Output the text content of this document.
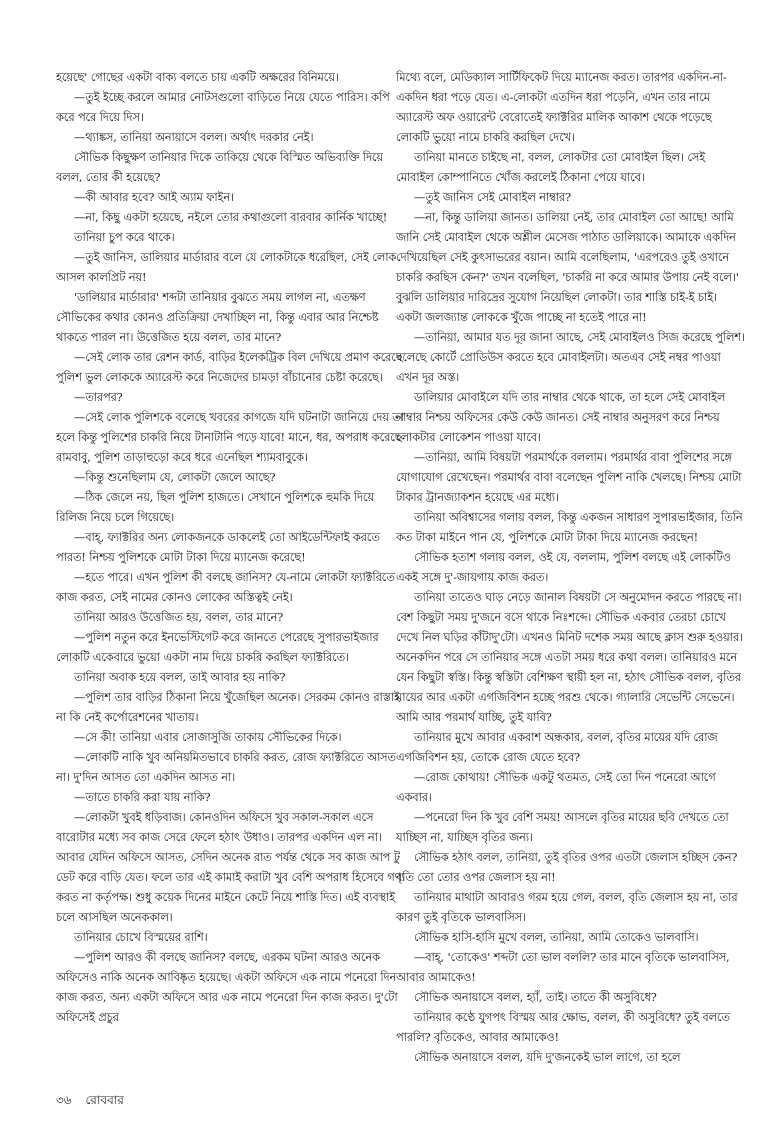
হয়েছে' গোছের একটা বাক্য বলতে চায় একটি অক্ষরের বিনিময়ে।

—তুই ইচ্ছে করলে আমার নোটসগুলো বাড়িতে নিয়ে যেতে পারিস। কপি করে পরে দিয়ে দিস।

—থ্যাঙ্কস, তানিয়া অনায়াসে বলল। অর্থাৎ দরকার নেই।

সৌভিক কিছুক্ষণ তানিয়ার দিকে তাকিয়ে থেকে বিস্মিত অভিব্যক্তি দিয়ে বলল, তোর কী হয়েছে?

—কী আবার হবে? আই অ্যাম ফাইন।

—না, কিছু একটা হয়েছে, নইলে তোর কথাগুলো বারবার কার্নিক খাচ্ছে!

তানিয়া চুপ করে থাকে।

—তুই জানিস, ডালিয়ার মার্ডারার বলে যে লোকটাকে ধরেছিল, সেই লোক আসল কালপ্রিট নয়!

'ডালিয়ার মার্ডারার' শব্দটা তানিয়ার বুঝতে সময় লাগল না, এতক্ষণ সৌভিকের কথার কোনও প্রতিক্রিয়া দেখাচ্ছিল না, কিন্তু এবার আর নিশ্চেষ্ট থাকতে পারল না। উত্তেজিত হয়ে বলল, তার মানে?

—সেই লোক তার রেশন কার্ড, বাড়ির ইলেকট্রিক বিল দেখিয়ে প্রমাণ করেছে পুলিশ ভুল লোককে অ্যারেস্ট করে নিজেদের চামড়া বাঁচানোর চেষ্টা করেছে।

—তারপর?

—সেই লোক পুলিশকে বলেছে খবরের কাগজে যদি ঘটনাটা জানিয়ে দেয় তা হলে কিন্তু পুলিশের চাকরি নিয়ে টানাটানি পড়ে যাবে! মানে, ধর, অপরাধ করেছে রামবাবু, পুলিশ তাড়াহুড়ো করে ধরে এনেছিল শ্যামবাবুকে।

—কিন্তু শুনেছিলাম যে, লোকটা জেলে আছে?

—ঠিক জেলে নয়, ছিল পুলিশ হাজতে। সেখানে পুলিশকে হুমকি দিয়ে রিলিজ নিয়ে চলে গিয়েছে।

—বাহ্, ফ্যাক্টরির অন্য লোকজনকে ডাকলেই তো আইডেন্টিফাই করতে পারত! নিশ্চয় পুলিশকে মোটা টাকা দিয়ে ম্যানেজ করেছে!

—হতে পারে। এখন পুলিশ কী বলছে জানিস? যে-নামে লোকটা ফ্যাক্টরিতে কাজ করত, সেই নামের কোনও লোকের অস্তিত্বই নেই।

তানিয়া আরও উত্তেজিত হয়, বলল, তার মানে?

—পুলিশ নতুন করে ইনভেস্টিগেট করে জানতে পেরেছে সুপারভাইজার লোকটি একেবারে ভুয়ো একটা নাম দিয়ে চাকরি করছিল ফ্যাক্টরিতে।

তানিয়া অবাক হয়ে বলল, তাই আবার হয় নাকি?

—পুলিশ তার বাড়ির ঠিকানা নিয়ে খুঁজেছিল অনেক। সেরকম কোনও রাস্তাই না কি নেই কর্পোরেশনের খাতায়।

—সে কী! তানিয়া এবার সোজাসুজি তাকায় সৌভিকের দিকে।

—লোকটি নাকি খুব অনিয়মিতভাবে চাকরি করত, রোজ ফ্যাক্টরিতে আসত না। দু'দিন আসত তো একদিন আসত না।

—তাতে চাকরি করা যায় নাকি?

—লোকটা খুবই ধড়িবাজ। কোনওদিন অফিসে খুব সকাল-সকাল এসে বারোটার মধ্যে সব কাজ সেরে ফেলে হঠাৎ উধাও। তারপর একদিন এল না। আবার যেদিন অফিসে আসত, সেদিন অনেক রাত পর্যন্ত থেকে সব কাজ আপ টু ডেট করে বাড়ি যেত। ফলে তার এই কামাই করাটা খুব বেশি অপরাধ হিসেবে গণ্য করত না কর্তৃপক্ষ। শুধু কয়েক দিনের মাইনে কেটে নিয়ে শাস্তি দিত। এই ব্যবস্থাই চলে আসছিল অনেককাল।

তানিয়ার চোখে বিস্ময়ের রাশি।

—পুলিশ আরও কী বলছে জানিস? বলছে, এরকম ঘটনা আরও অনেক অফিসেও নাকি অনেক আবিষ্কৃত হয়েছে। একটা অফিসে এক নামে পনেরো দিন কাজ করত, অন্য একটা অফিসে আর এক নামে পনেরো দিন কাজ করত। দু'টো অফিসেই প্রচুর

মিথ্যে বলে, মেডিক্যাল সার্টিফিকেট দিয়ে ম্যানেজ করত। তারপর একদিন-না-একদিন ধরা পড়ে যেত। এ-লোকটা এতদিন ধরা পড়েনি, এখন তার নামে অ্যারেস্ট অফ ওয়ারেন্ট বেরোতেই ফ্যাক্টরির মালিক আকাশ থেকে পড়েছে লোকটি ভুয়ো নামে চাকরি করছিল দেখে।

তানিয়া মানতে চাইছে না, বলল, লোকটার তো মোবাইল ছিল। সেই মোবাইল কোম্পানিতে খোঁজ করলেই ঠিকানা পেয়ে যাবে।

—তুই জানিস সেই মোবাইল নাম্বার?

—না, কিন্তু ডালিয়া জানত। ডালিয়া নেই, তার মোবাইল তো আছে! আমি জানি সেই মোবাইল থেকে অশ্লীল মেসেজ পাঠাত ডালিয়াকে। আমাকে একদিন দেখিয়েছিল সেই কুৎসাভরের বয়ান। আমি বলেছিলাম, 'এরপরেও তুই ওখানে চাকরি করছিস কেন?' তখন বলেছিল, 'চাকরি না করে আমার উপায় নেই বলে।' বুঝলি ডালিয়ার দারিদ্রের সুযোগ নিয়েছিল লোকটা। তার শাস্তি চাই-ই চাই। একটা জলজ্যান্ত লোককে খুঁজে পাচ্ছে না হতেই পারে না!

—তানিয়া, আমার যত দূর জানা আছে, সেই মোবাইলও সিজ করেছে পুলিশ। বলেছে কোর্টে প্রোডিউস করতে হবে মোবাইলটা। অতএব সেই নম্বর পাওয়া এখন দূর অস্ত।

ডালিয়ার মোবাইলে যদি তার নাম্বার থেকে থাকে, তা হলে সেই মোবাইল নাম্বার নিশ্চয় অফিসের কেউ কেউ জানত। সেই নাম্বার অনুসরণ করে নিশ্চয় লোকটার লোকেশন পাওয়া যাবে।

—তানিয়া, আমি বিষয়টা পরমার্থকে বললাম। পরমার্থর বাবা পুলিশের সঙ্গে যোগাযোগ রেখেছেন। পরমার্থর বাবা বলেছেন পুলিশ নাকি খেলছে। নিশ্চয় মোটা টাকার ট্রানজ্যাকশন হয়েছে এর মধ্যে।

তানিয়া অবিশ্বাসের গলায় বলল, কিন্তু একজন সাধারণ সুপারভাইজার, তিনি কত টাকা মাইনে পান যে, পুলিশকে মোটা টাকা দিয়ে ম্যানেজ করছেন!

সৌভিক হতাশ গলায় বলল, ওই যে, বললাম, পুলিশ বলছে এই লোকটিও একই সঙ্গে দু'-জায়গায় কাজ করত।

তানিয়া তাতেও ঘাড় নেড়ে জানাল বিষয়টা সে অনুমোদন করতে পারছে না। বেশ কিছুটা সময় দু'জনে বসে থাকে নিঃশব্দে। সৌভিক একবার তেরচা চোখে দেখে নিল ঘড়ির কাঁটাদু'টো। এখনও মিনিট দশেক সময় আছে ক্লাস শুরু হওয়ার। অনেকদিন পরে সে তানিয়ার সঙ্গে এতটা সময় ধরে কথা বলল। তানিয়ারও মনে যেন কিছুটা স্বস্তি। কিন্তু স্বস্তিটা বেশিক্ষণ স্থায়ী হল না, হঠাৎ সৌভিক বলল, বৃতির মায়ের আর একটা এগজিবিশন হচ্ছে পরশু থেকে। গ্যালারি সেভেন্টি সেভেনে। আমি আর পরমার্থ যাচ্ছি, তুই যাবি?

তানিয়ার মুখে আবার একরাশ অন্ধকার, বলল, বৃতির মায়ের যদি রোজ এগজিবিশন হয়, তোকে রোজ যেতে হবে?

—রোজ কোথায়! সৌভিক একটু থতমত, সেই তো দিন পনেরো আগে একবার।

—পনেরো দিন কি খুব বেশি সময়! আসলে বৃতির মায়ের ছবি দেখতে তো যাচ্ছিস না, যাচ্ছিস বৃতির জন্য।

সৌভিক হঠাৎ বলল, তানিয়া, তুই বৃতির ওপর এতটা জেলাস হচ্ছিস কেন? বৃতি তো তোর ওপর জেলাস হয় না!

তানিয়ার মাথাটা আবারও গরম হয়ে গেল, বলল, বৃতি জেলাস হয় না, তার কারণ তুই বৃতিকে ভালবাসিস।

সৌভিক হাসি-হাসি মুখে বলল, তানিয়া, আমি তোকেও ভালবাসি।

—বাহ্, 'তোকেও' শব্দটা তো ভাল বললি? তার মানে বৃতিকে ভালবাসিস, আবার আমাকেও!

সৌভিক অনায়াসে বলল, হ্যাঁ, তাই। তাতে কী অসুবিধে?

তানিয়ার কণ্ঠে যুগপৎ বিস্ময় আর ক্ষোভ, বলল, কী অসুবিধে? তুই বলতে পারলি? বৃতিকেও, আবার আমাকেও!

সৌভিক অনায়াসে বলল, যদি দু'জনকেই ভাল লাগে, তা হলে

৩৬ রোববার
